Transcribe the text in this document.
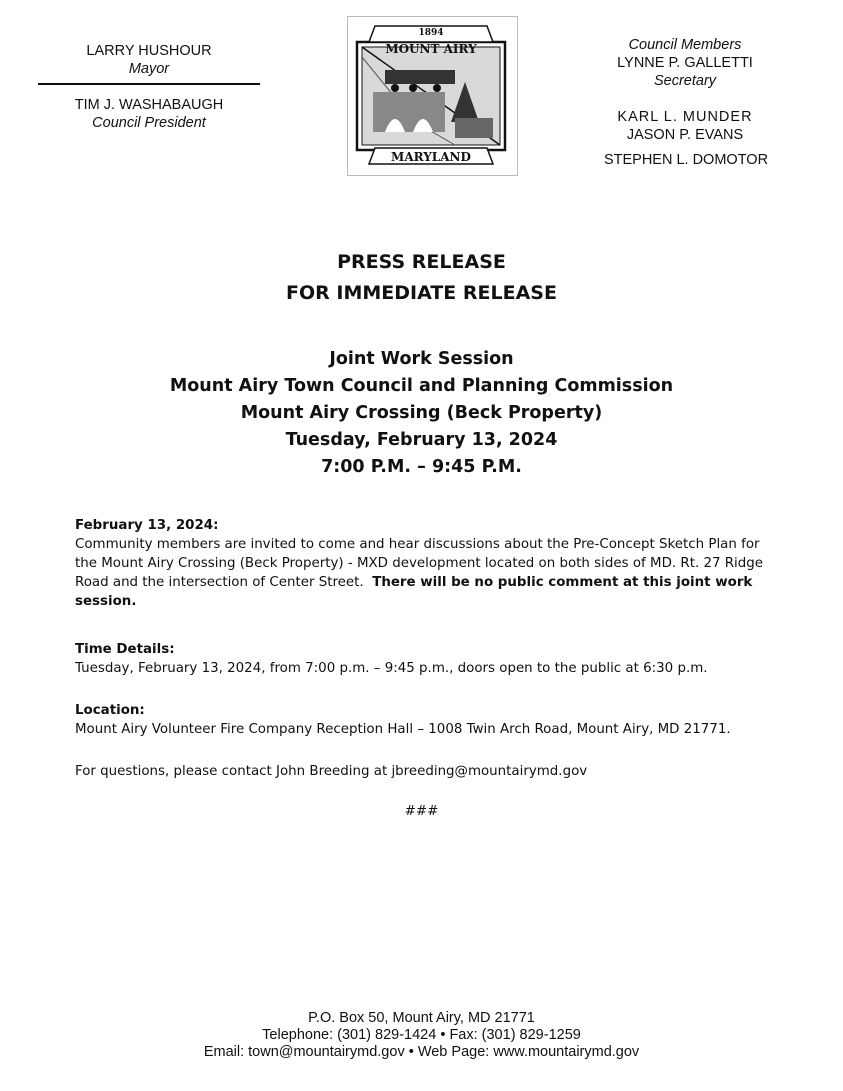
LARRY HUSHOUR
Mayor
TIM J. WASHABAUGH
Council President
1894
MOUNT AIRY
MARYLAND
Council Members
LYNNE P. GALLETTI
Secretary
KARL L. MUNDER
JASON P. EVANS
STEPHEN L. DOMOTOR
PRESS RELEASE
FOR IMMEDIATE RELEASE
Joint Work Session
Mount Airy Town Council and Planning Commission
Mount Airy Crossing (Beck Property)
Tuesday, February 13, 2024
7:00 P.M. – 9:45 P.M.
February 13, 2024:
Community members are invited to come and hear discussions about the Pre-Concept Sketch Plan for
the Mount Airy Crossing (Beck Property) - MXD development located on both sides of MD. Rt. 27 Ridge
Road and the intersection of Center Street. There will be no public comment at this joint work
session.
Time Details:
Tuesday, February 13, 2024, from 7:00 p.m. – 9:45 p.m., doors open to the public at 6:30 p.m.
Location:
Mount Airy Volunteer Fire Company Reception Hall – 1008 Twin Arch Road, Mount Airy, MD 21771.
For questions, please contact John Breeding at jbreeding@mountairymd.gov
###
P.O. Box 50, Mount Airy, MD 21771
Telephone: (301) 829-1424 • Fax: (301) 829-1259
Email: town@mountairymd.gov • Web Page: www.mountairymd.gov
